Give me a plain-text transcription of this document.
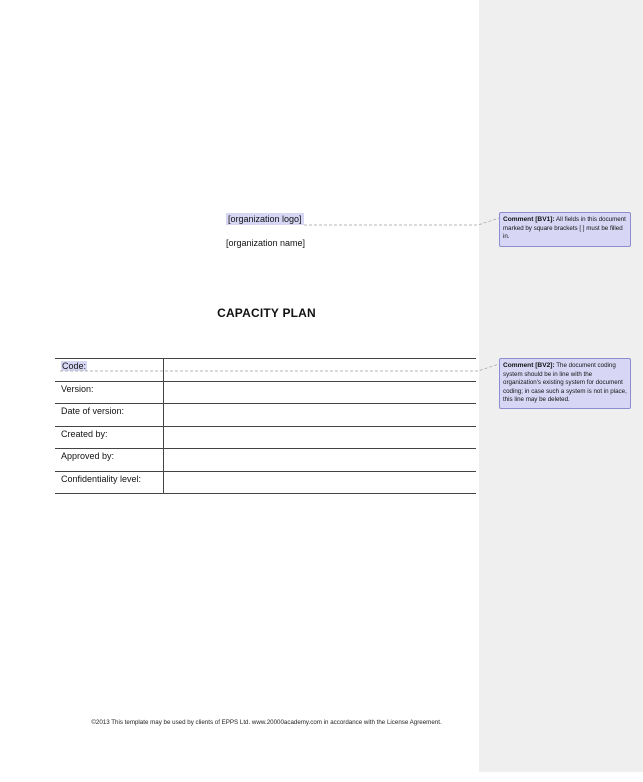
[organization logo]
[organization name]
CAPACITY PLAN
Code:	
Version:	
Date of version:	
Created by:	
Approved by:	
Confidentiality level:	
Comment [BV1]: All fields in this document marked by square brackets [ ] must be filled in.
Comment [BV2]: The document coding system should be in line with the organization's existing system for document coding; in case such a system is not in place, this line may be deleted.
©2013 This template may be used by clients of EPPS Ltd. www.20000academy.com in accordance with the License Agreement.
